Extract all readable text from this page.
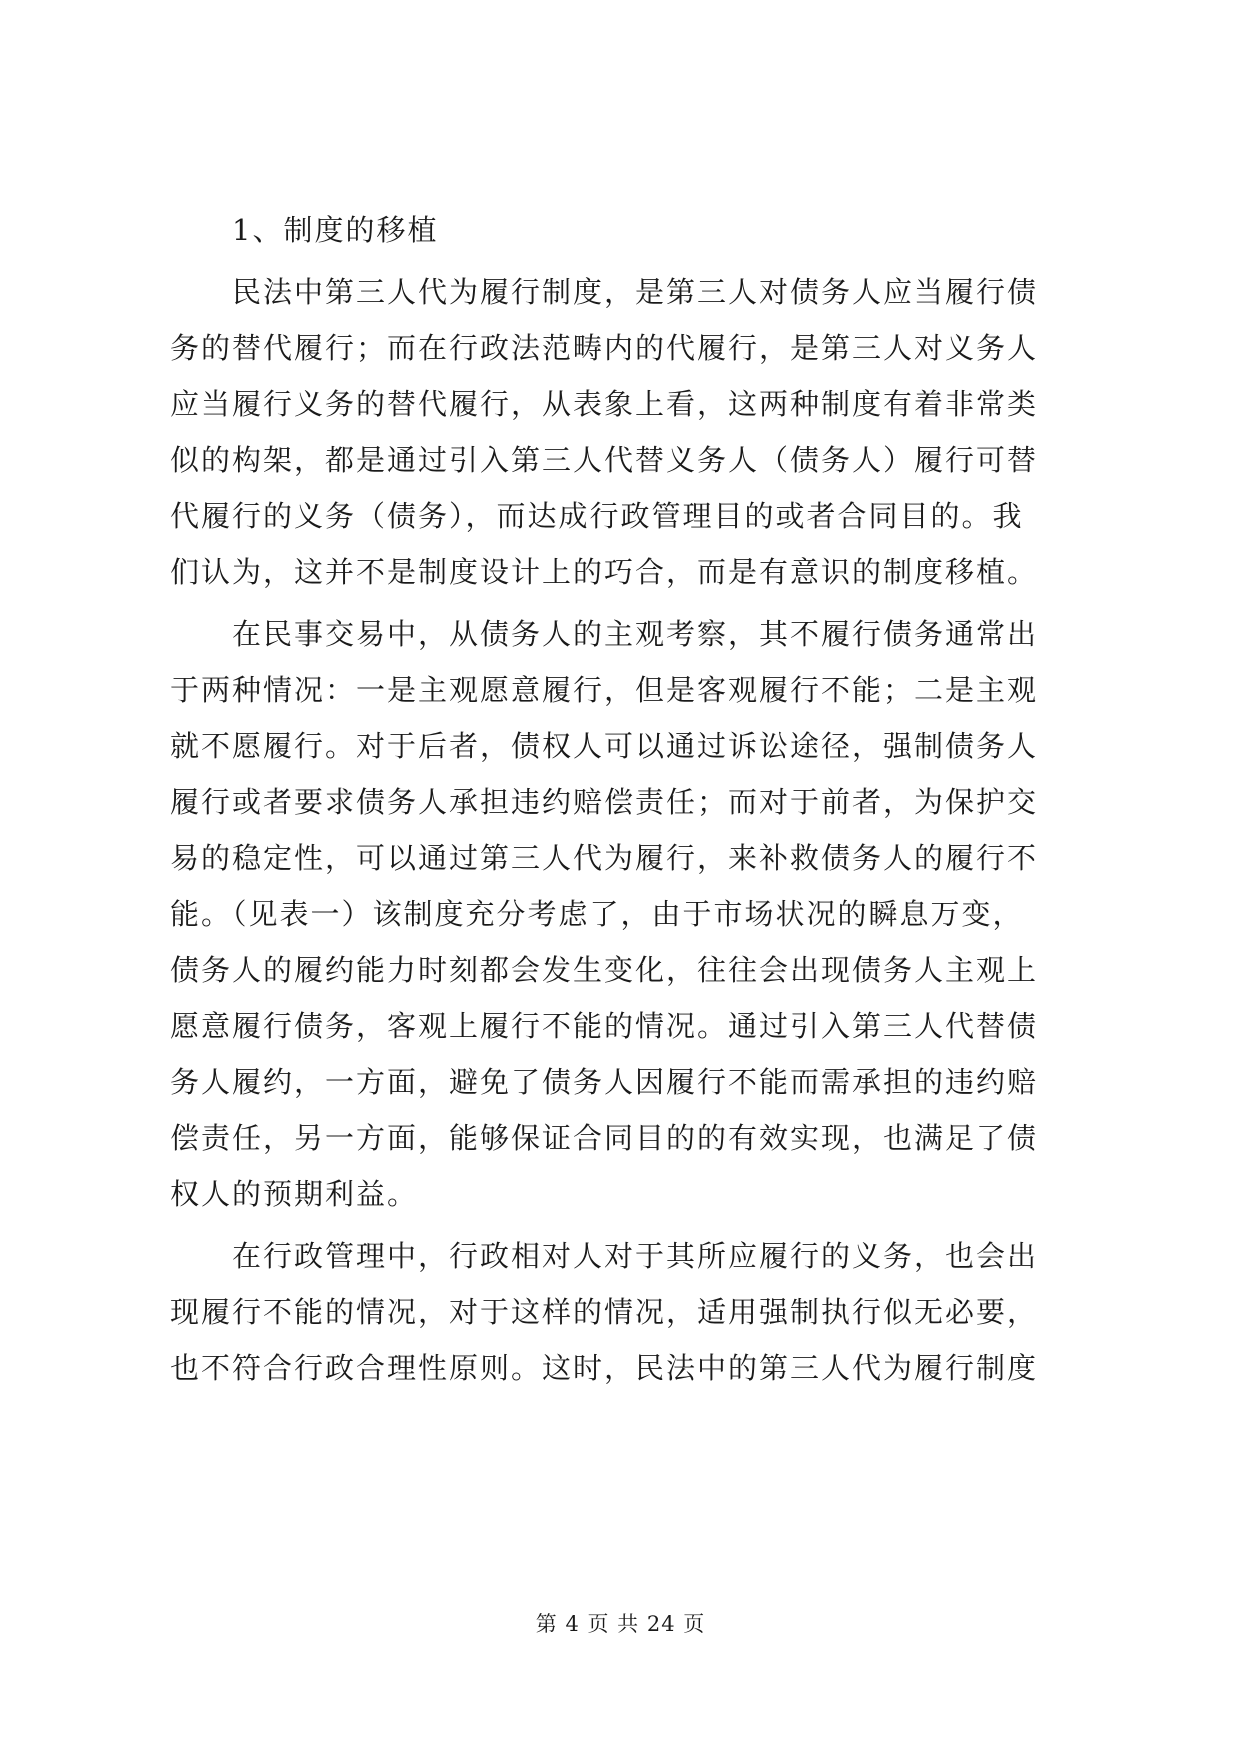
1、制度的移植
民法中第三人代为履行制度，是第三人对债务人应当履行债
务的替代履行；而在行政法范畴内的代履行，是第三人对义务人
应当履行义务的替代履行，从表象上看，这两种制度有着非常类
似的构架，都是通过引入第三人代替义务人（债务人）履行可替
代履行的义务（债务），而达成行政管理目的或者合同目的。我
们认为，这并不是制度设计上的巧合，而是有意识的制度移植。
在民事交易中，从债务人的主观考察，其不履行债务通常出
于两种情况：一是主观愿意履行，但是客观履行不能；二是主观
就不愿履行。对于后者，债权人可以通过诉讼途径，强制债务人
履行或者要求债务人承担违约赔偿责任；而对于前者，为保护交
易的稳定性，可以通过第三人代为履行，来补救债务人的履行不
能。（见表一）该制度充分考虑了，由于市场状况的瞬息万变，
债务人的履约能力时刻都会发生变化，往往会出现债务人主观上
愿意履行债务，客观上履行不能的情况。通过引入第三人代替债
务人履约，一方面，避免了债务人因履行不能而需承担的违约赔
偿责任，另一方面，能够保证合同目的的有效实现，也满足了债
权人的预期利益。
在行政管理中，行政相对人对于其所应履行的义务，也会出
现履行不能的情况，对于这样的情况，适用强制执行似无必要，
也不符合行政合理性原则。这时，民法中的第三人代为履行制度
第 4 页 共 24 页
